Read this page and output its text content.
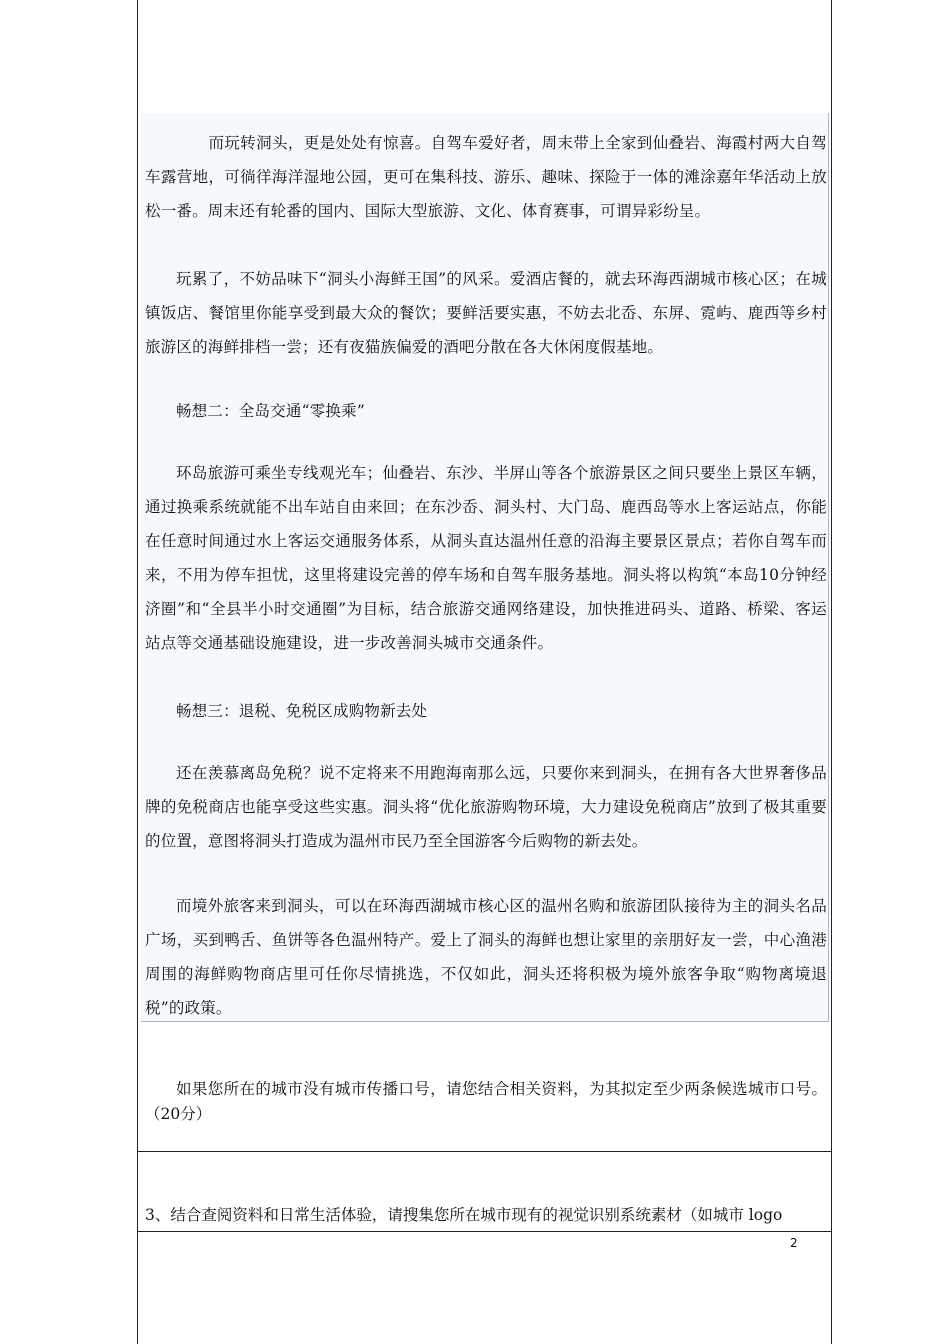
而玩转洞头，更是处处有惊喜。自驾车爱好者，周末带上全家到仙叠岩、海霞村两大自驾车露营地，可徜徉海洋湿地公园，更可在集科技、游乐、趣味、探险于一体的滩涂嘉年华活动上放松一番。周末还有轮番的国内、国际大型旅游、文化、体育赛事，可谓异彩纷呈。

玩累了，不妨品味下“洞头小海鲜王国”的风采。爱酒店餐的，就去环海西湖城市核心区；在城镇饭店、餐馆里你能享受到最大众的餐饮；要鲜活要实惠，不妨去北岙、东屏、霓屿、鹿西等乡村旅游区的海鲜排档一尝；还有夜猫族偏爱的酒吧分散在各大休闲度假基地。

畅想二：全岛交通“零换乘”

环岛旅游可乘坐专线观光车；仙叠岩、东沙、半屏山等各个旅游景区之间只要坐上景区车辆，通过换乘系统就能不出车站自由来回；在东沙岙、洞头村、大门岛、鹿西岛等水上客运站点，你能在任意时间通过水上客运交通服务体系，从洞头直达温州任意的沿海主要景区景点；若你自驾车而来，不用为停车担忧，这里将建设完善的停车场和自驾车服务基地。洞头将以构筑“本岛10分钟经济圈”和“全县半小时交通圈”为目标，结合旅游交通网络建设，加快推进码头、道路、桥梁、客运站点等交通基础设施建设，进一步改善洞头城市交通条件。

畅想三：退税、免税区成购物新去处

还在羡慕离岛免税？说不定将来不用跑海南那么远，只要你来到洞头，在拥有各大世界奢侈品牌的免税商店也能享受这些实惠。洞头将“优化旅游购物环境，大力建设免税商店”放到了极其重要的位置，意图将洞头打造成为温州市民乃至全国游客今后购物的新去处。

而境外旅客来到洞头，可以在环海西湖城市核心区的温州名购和旅游团队接待为主的洞头名品广场，买到鸭舌、鱼饼等各色温州特产。爱上了洞头的海鲜也想让家里的亲朋好友一尝，中心渔港周围的海鲜购物商店里可任你尽情挑选，不仅如此，洞头还将积极为境外旅客争取“购物离境退税”的政策。

如果您所在的城市没有城市传播口号，请您结合相关资料，为其拟定至少两条候选城市口号。（20分）

3、结合查阅资料和日常生活体验，请搜集您所在城市现有的视觉识别系统素材（如城市 logo

2
